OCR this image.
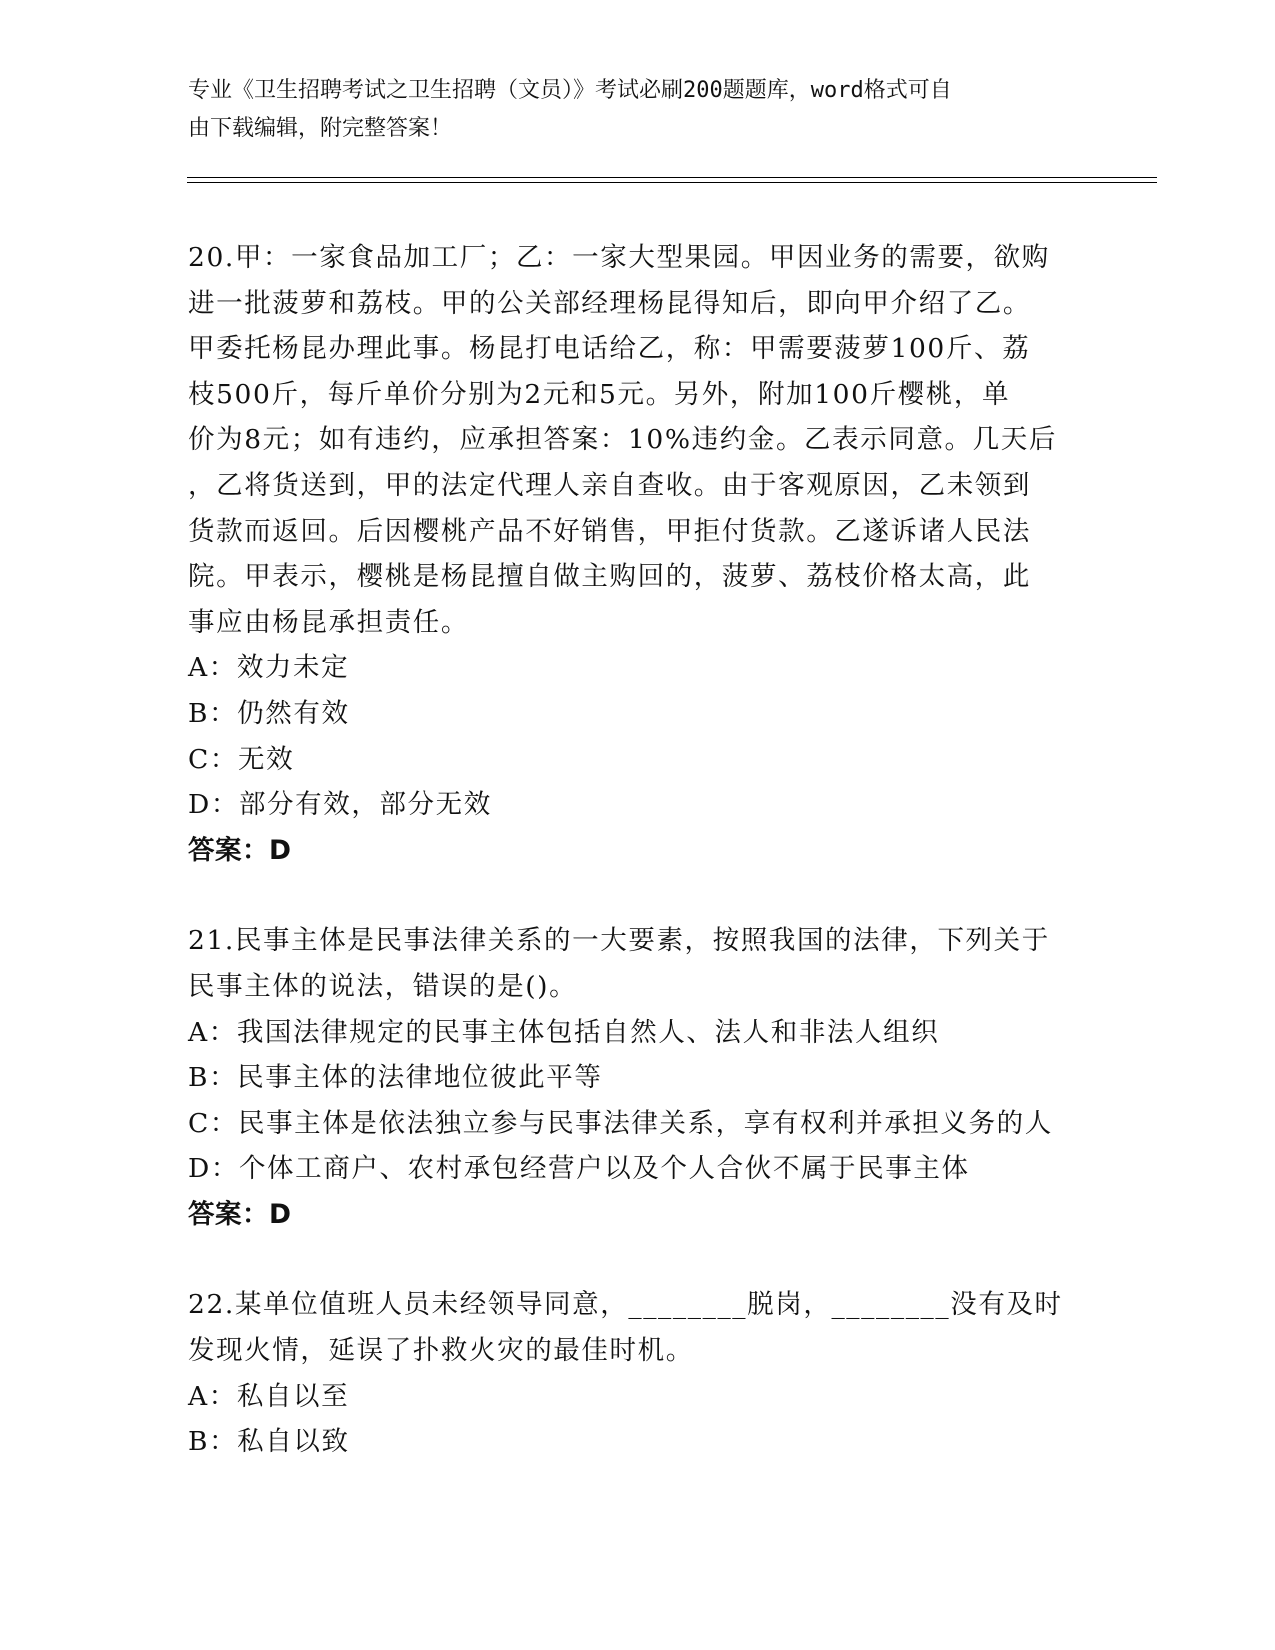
专业《卫生招聘考试之卫生招聘（文员）》考试必刷200题题库，word格式可自
由下载编辑，附完整答案！
20.甲：一家食品加工厂；乙：一家大型果园。甲因业务的需要，欲购
进一批菠萝和荔枝。甲的公关部经理杨昆得知后，即向甲介绍了乙。
甲委托杨昆办理此事。杨昆打电话给乙，称：甲需要菠萝100斤、荔
枝500斤，每斤单价分别为2元和5元。另外，附加100斤樱桃，单
价为8元；如有违约，应承担答案：10%违约金。乙表示同意。几天后
，乙将货送到，甲的法定代理人亲自查收。由于客观原因，乙未领到
货款而返回。后因樱桃产品不好销售，甲拒付货款。乙遂诉诸人民法
院。甲表示，樱桃是杨昆擅自做主购回的，菠萝、荔枝价格太高，此
事应由杨昆承担责任。
A：效力未定
B：仍然有效
C：无效
D：部分有效，部分无效
答案：D
21.民事主体是民事法律关系的一大要素，按照我国的法律，下列关于
民事主体的说法，错误的是()。
A：我国法律规定的民事主体包括自然人、法人和非法人组织
B：民事主体的法律地位彼此平等
C：民事主体是依法独立参与民事法律关系，享有权利并承担义务的人
D：个体工商户、农村承包经营户以及个人合伙不属于民事主体
答案：D
22.某单位值班人员未经领导同意，________脱岗，________没有及时
发现火情，延误了扑救火灾的最佳时机。
A：私自以至
B：私自以致
